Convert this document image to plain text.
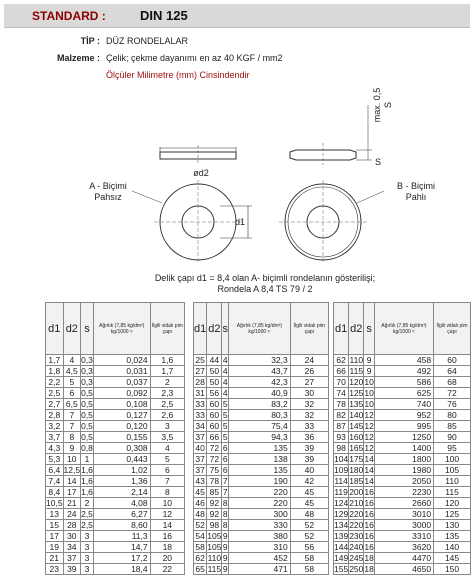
STANDARD :	DIN 125
TİP : DÜZ RONDELALAR
Malzeme : Çelik; çekme dayanımı en az 40 KGF / mm2
Ölçüler Milimetre (mm) Cinsindendir
ød2
d1
max. 0,5 S
S
A - Biçimi
Pahsız
B - Biçimi
Pahlı
Delik çapı d1 = 8,4 olan A- biçimli rondelanın gösterilişi;
Rondela A 8,4 TS 79 / 2
d1	d2	s	Ağırlık (7,85 kg/dm³) kg/1000 ≈	İlgili vidalı pim çapı
1,7	4	0,3	0,024	1,6
1,8	4,5	0,3	0,031	1,7
2,2	5	0,3	0,037	2
2,5	6	0,5	0,092	2,3
2,7	6,5	0,5	0,108	2,5
2,8	7	0,5	0,127	2,6
3,2	7	0,5	0,120	3
3,7	8	0,5	0,155	3,5
4,3	9	0,8	0,308	4
5,3	10	1	0,443	5
6,4	12,5	1,6	1,02	6
7,4	14	1,6	1,36	7
8,4	17	1,6	2,14	8
10,5	21	2	4,08	10
13	24	2,5	6,27	12
15	28	2,5	8,60	14
17	30	3	11,3	16
19	34	3	14,7	18
21	37	3	17,2	20
23	39	3	18,4	22
d1	d2	s	Ağırlık (7,85 kg/dm³) kg/1000 ≈	İlgili vidalı pim çapı
25	44	4	32,3	24
27	50	4	43,7	26
28	50	4	42,3	27
31	56	4	40,9	30
33	60	5	83,2	32
33	60	5	80,3	32
34	60	5	75,4	33
37	66	5	94,3	36
40	72	6	135	39
37	72	6	138	39
37	75	6	135	40
43	78	7	190	42
45	85	7	220	45
46	92	8	220	45
48	92	8	300	48
52	98	8	330	52
54	105	9	380	52
58	105	9	310	56
62	110	9	452	58
65	115	9	471	58
d1	d2	s	Ağırlık (7,85 kg/dm³) kg/1000 ≈	İlgili vidalı pim çapı
62	110	9	458	60
66	115	9	492	64
70	120	10	586	68
74	125	10	625	72
78	135	10	740	76
82	140	12	952	80
87	145	12	995	85
93	160	12	1250	90
98	165	12	1400	95
104	175	14	1800	100
109	180	14	1980	105
114	185	14	2050	110
119	200	16	2230	115
124	210	16	2660	120
129	220	16	3010	125
134	220	16	3000	130
139	230	16	3310	135
144	240	16	3620	140
149	245	18	4470	145
155	250	18	4650	150
